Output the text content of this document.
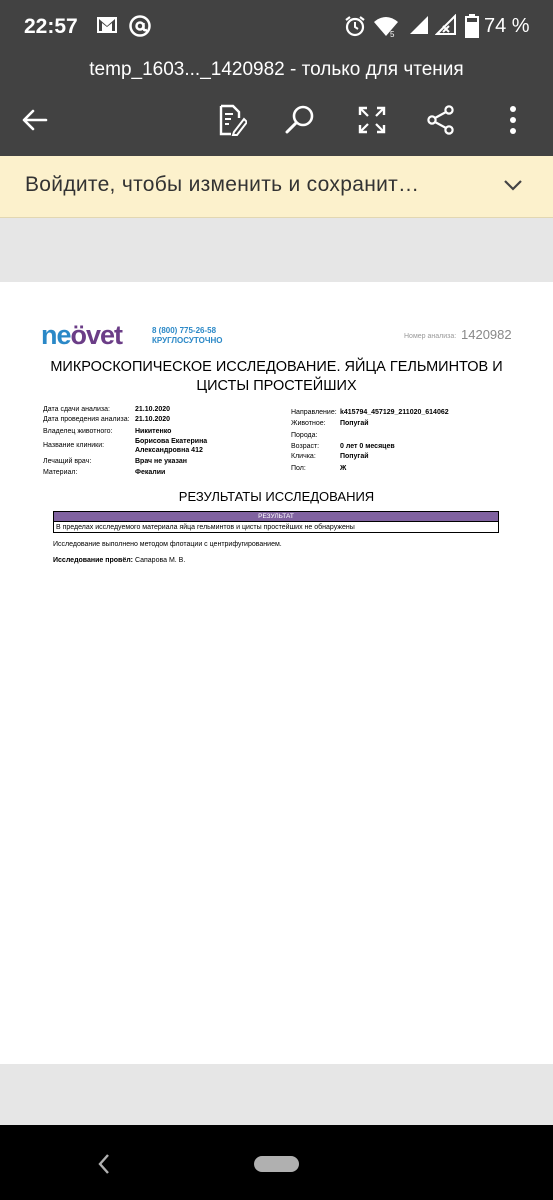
22:57	5	74 %
temp_1603..._1420982 - только для чтения
Войдите, чтобы изменить и сохранит…
neövet	8 (800) 775-26-58
КРУГЛОСУТОЧНО	Номер анализа: 1420982
МИКРОСКОПИЧЕСКОЕ ИССЛЕДОВАНИЕ. ЯЙЦА ГЕЛЬМИНТОВ И ЦИСТЫ ПРОСТЕЙШИХ
Дата сдачи анализа:	21.10.2020
Дата проведения анализа: 21.10.2020
Владелец животного:	Никитенко
Название клиники:
Борисова Екатерина Александровна 412
Лечащий врач:	Врач не указан
Материал:	Фекалии
Направление: k415794_457129_211020_614062
Животное: Попугай
Порода:
Возраст:	0 лет 0 месяцев
Кличка:	Попугай
Пол:	Ж
РЕЗУЛЬТАТЫ ИССЛЕДОВАНИЯ
РЕЗУЛЬТАТ
В пределах исследуемого материала яйца гельминтов и цисты простейших не обнаружены
Исследование выполнено методом флотации с центрифугированием.
Исследование провёл: Сапарова М. В.
